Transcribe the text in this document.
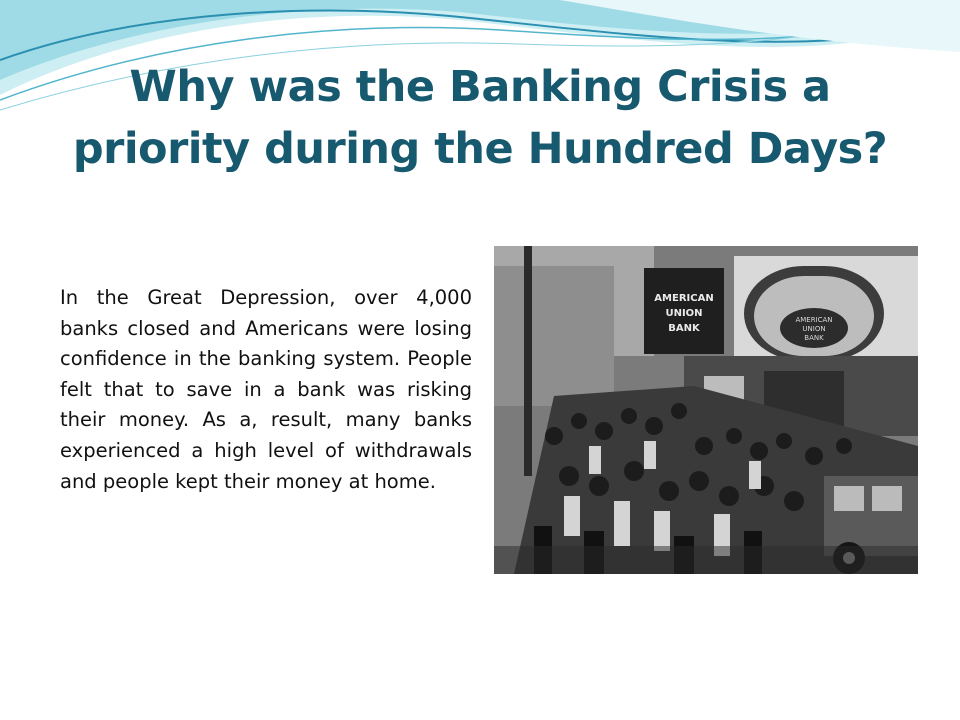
Why was the Banking Crisis a priority during the Hundred Days?

In the Great Depression, over 4,000 banks closed and Americans were losing confidence in the banking system. People felt that to save in a bank was risking their money. As a, result, many banks experienced a high level of withdrawals and people kept their money at home.

AMERICAN
UNION
BANK
AMERICAN
UNION
BANK
